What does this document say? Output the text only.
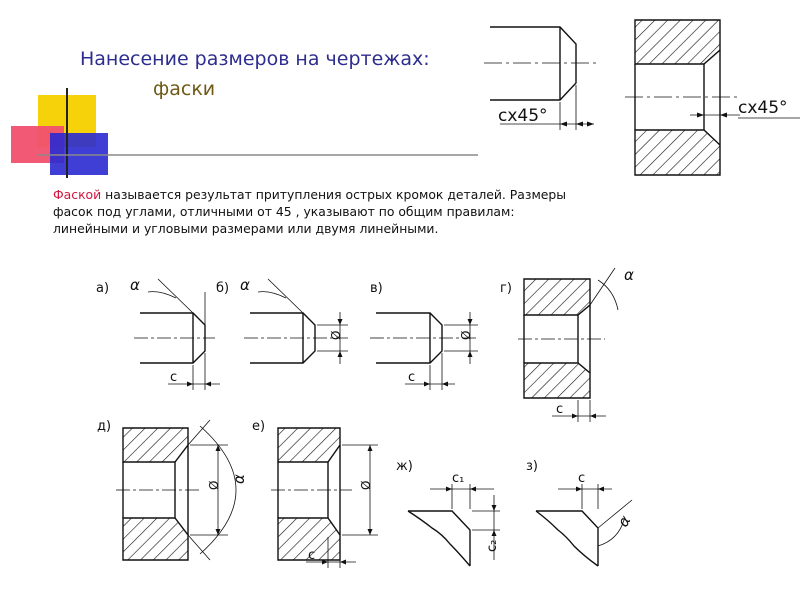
cx45°	cx45°
а)	б)	в)	г)
д)	е)
ж)	з)
α	α
α
α
α
Ø	Ø
Ø	Ø
c	c
c
c
c₁
c₂
c
Нанесение размеров на чертежах:
фаски
Фаской называется результат притупления острых кромок деталей. Размеры фасок под углами, отличными от 45 , указывают по общим правилам: линейными и угловыми размерами или двумя линейными.
